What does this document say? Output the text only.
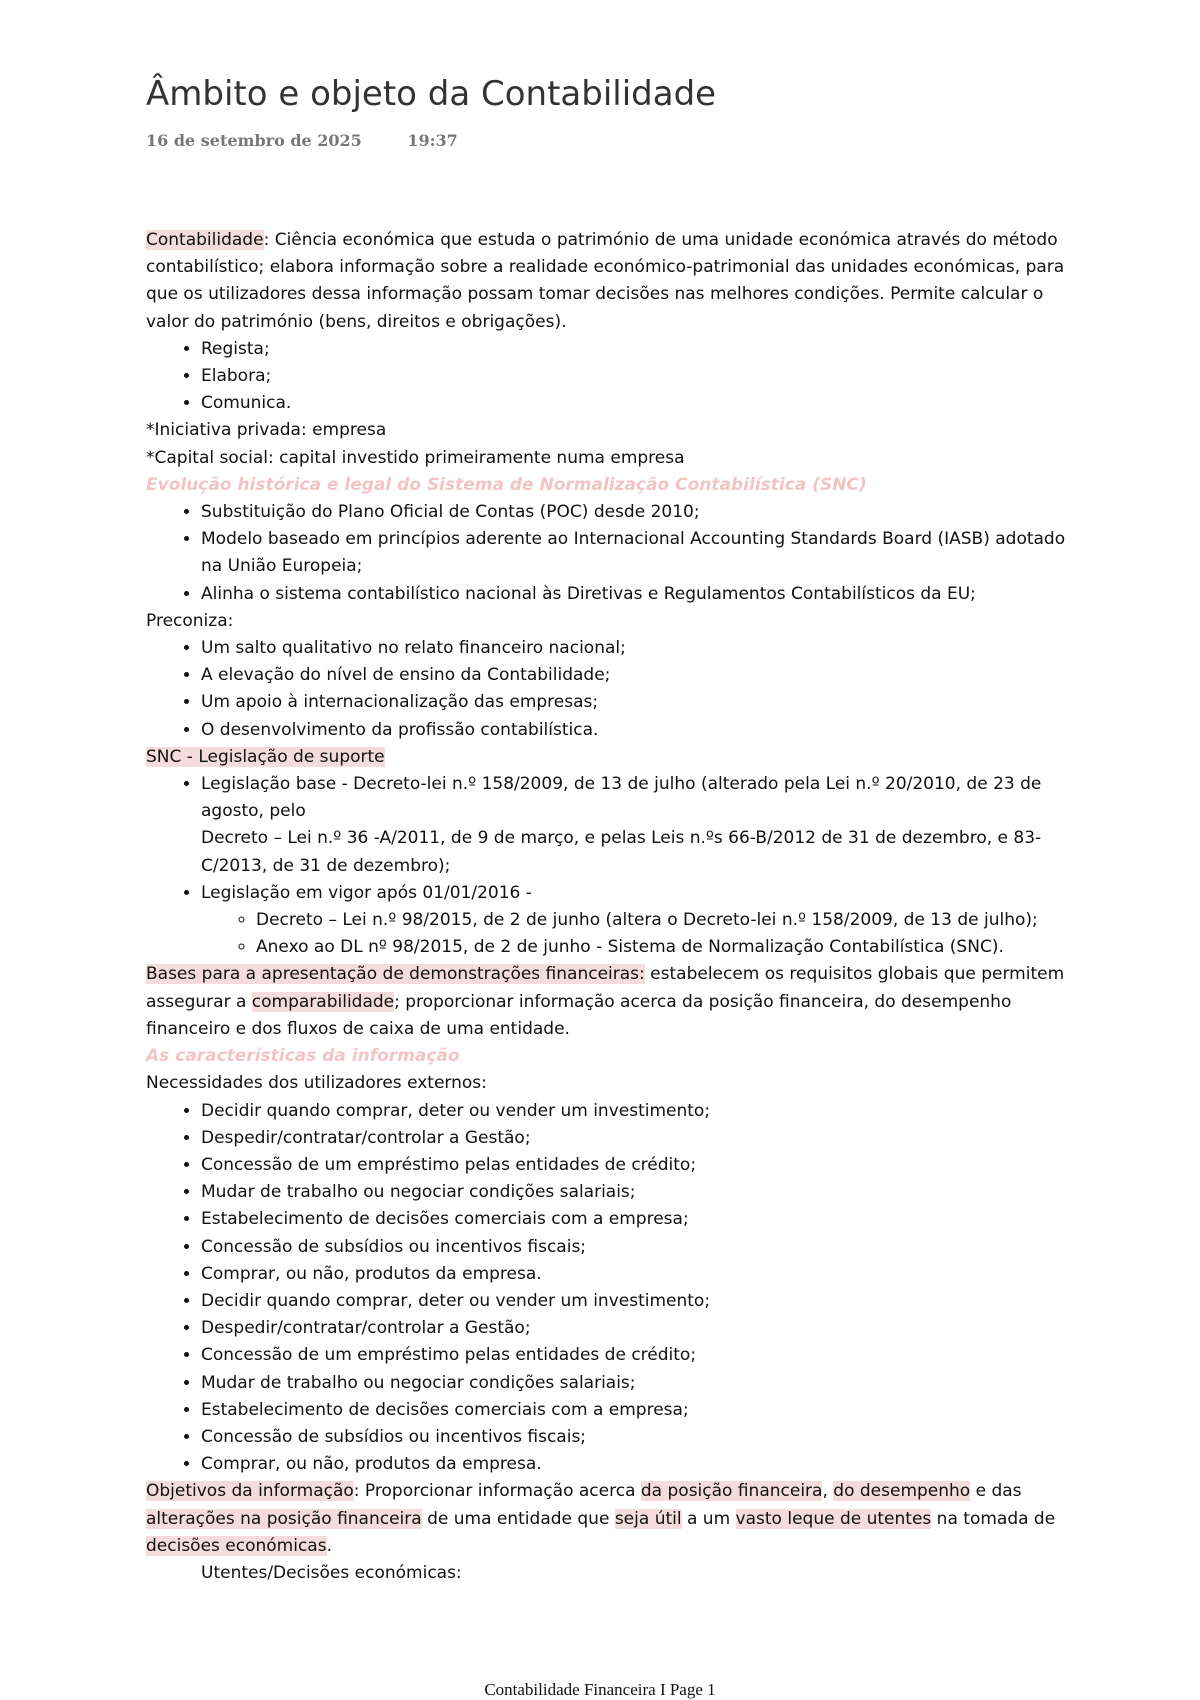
Âmbito e objeto da Contabilidade
16 de setembro de 2025	19:37

Contabilidade: Ciência económica que estuda o património de uma unidade económica através do método contabilístico; elabora informação sobre a realidade económico-patrimonial das unidades económicas, para que os utilizadores dessa informação possam tomar decisões nas melhores condições. Permite calcular o valor do património (bens, direitos e obrigações).

• Regista;
• Elabora;
• Comunica.

*Iniciativa privada: empresa

*Capital social: capital investido primeiramente numa empresa

Evolução histórica e legal do Sistema de Normalização Contabilística (SNC)

• Substituição do Plano Oficial de Contas (POC) desde 2010;
• Modelo baseado em princípios aderente ao Internacional Accounting Standards Board (IASB) adotado na União Europeia;
• Alinha o sistema contabilístico nacional às Diretivas e Regulamentos Contabilísticos da EU;

Preconiza:

• Um salto qualitativo no relato financeiro nacional;
• A elevação do nível de ensino da Contabilidade;
• Um apoio à internacionalização das empresas;
• O desenvolvimento da profissão contabilística.

SNC - Legislação de suporte

• Legislação base - Decreto-lei n.º 158/2009, de 13 de julho (alterado pela Lei n.º 20/2010, de 23 de agosto, pelo
Decreto – Lei n.º 36 -A/2011, de 9 de março, e pelas Leis n.ºs 66-B/2012 de 31 de dezembro, e 83-C/2013, de 31 de dezembro);
• Legislação em vigor após 01/01/2016 -
◦ Decreto – Lei n.º 98/2015, de 2 de junho (altera o Decreto-lei n.º 158/2009, de 13 de julho);
◦ Anexo ao DL nº 98/2015, de 2 de junho - Sistema de Normalização Contabilística (SNC).

Bases para a apresentação de demonstrações financeiras: estabelecem os requisitos globais que permitem assegurar a comparabilidade; proporcionar informação acerca da posição financeira, do desempenho financeiro e dos fluxos de caixa de uma entidade.

As características da informação

Necessidades dos utilizadores externos:

• Decidir quando comprar, deter ou vender um investimento;
• Despedir/contratar/controlar a Gestão;
• Concessão de um empréstimo pelas entidades de crédito;
• Mudar de trabalho ou negociar condições salariais;
• Estabelecimento de decisões comerciais com a empresa;
• Concessão de subsídios ou incentivos fiscais;
• Comprar, ou não, produtos da empresa.
• Decidir quando comprar, deter ou vender um investimento;
• Despedir/contratar/controlar a Gestão;
• Concessão de um empréstimo pelas entidades de crédito;
• Mudar de trabalho ou negociar condições salariais;
• Estabelecimento de decisões comerciais com a empresa;
• Concessão de subsídios ou incentivos fiscais;
• Comprar, ou não, produtos da empresa.

Objetivos da informação: Proporcionar informação acerca da posição financeira, do desempenho e das alterações na posição financeira de uma entidade que seja útil a um vasto leque de utentes na tomada de decisões económicas.

Utentes/Decisões económicas:

Contabilidade Financeira I Page 1
